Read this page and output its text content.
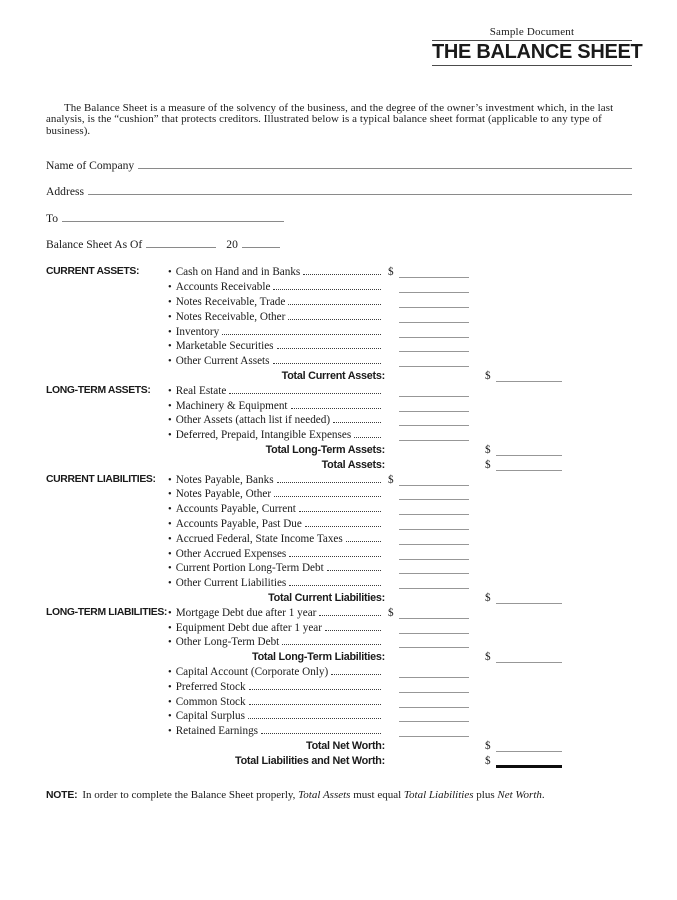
Sample Document
THE BALANCE SHEET

The Balance Sheet is a measure of the solvency of the business, and the degree of the owner’s investment which, in the last analysis, is the “cushion” that protects creditors. Illustrated below is a typical balance sheet format (applicable to any type of business).

Name of Company
Address
To
Balance Sheet As Of	20
CURRENT ASSETS:	• Cash on Hand and in Banks	$
• Accounts Receivable
• Notes Receivable, Trade
• Notes Receivable, Other
• Inventory
• Marketable Securities
• Other Current Assets
Total Current Assets:	$
LONG-TERM ASSETS: • Real Estate
• Machinery & Equipment
• Other Assets (attach list if needed)
• Deferred, Prepaid, Intangible Expenses
Total Long-Term Assets:	$
Total Assets:	$
CURRENT LIABILITIES: • Notes Payable, Banks	$
• Notes Payable, Other
• Accounts Payable, Current
• Accounts Payable, Past Due
• Accrued Federal, State Income Taxes
• Other Accrued Expenses
• Current Portion Long-Term Debt
• Other Current Liabilities
Total Current Liabilities:	$
LONG-TERM LIABILITIES: • Mortgage Debt due after 1 year	$
• Equipment Debt due after 1 year
• Other Long-Term Debt
Total Long-Term Liabilities:	$
• Capital Account (Corporate Only)
• Preferred Stock
• Common Stock
• Capital Surplus
• Retained Earnings
Total Net Worth:	$
Total Liabilities and Net Worth:	$

NOTE: In order to complete the Balance Sheet properly, Total Assets must equal Total Liabilities plus Net Worth.
